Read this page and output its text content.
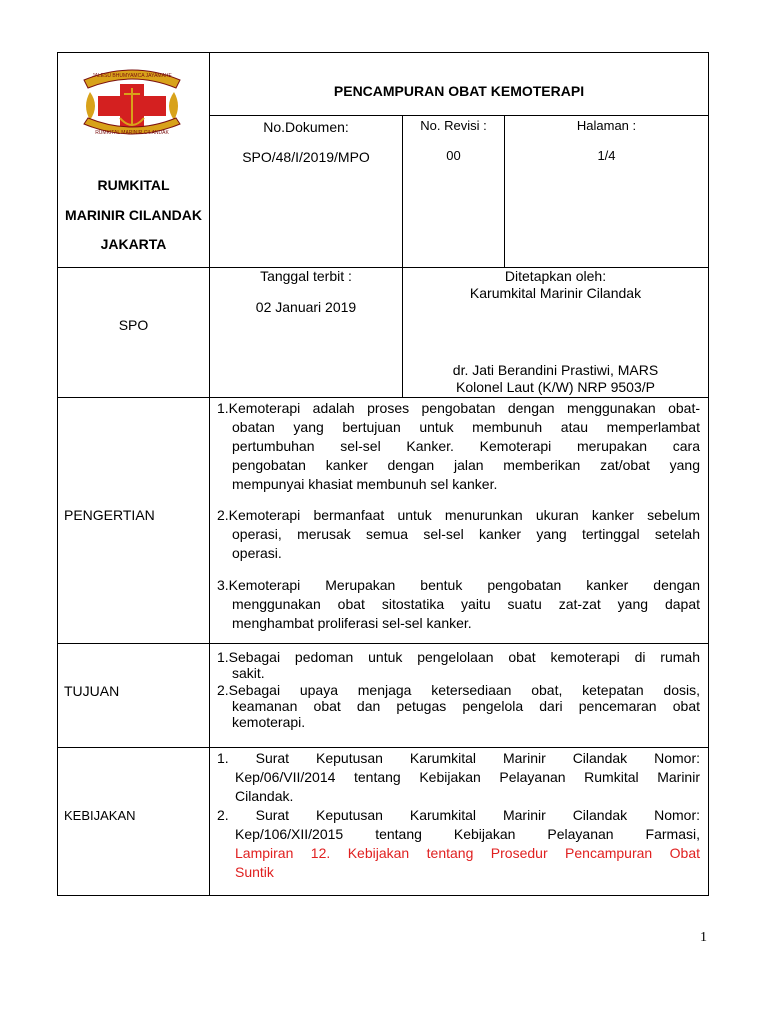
JALESU BHUMYAMCA JAYAMAHE
RUMKITAL MARINIR CILANDAK
RUMKITAL
MARINIR CILANDAK
JAKARTA
PENCAMPURAN OBAT KEMOTERAPI
No.Dokumen:
SPO/48/I/2019/MPO
No. Revisi :
00
Halaman :
1/4
SPO
Tanggal terbit :
02 Januari 2019
Ditetapkan oleh:
Karumkital Marinir Cilandak
dr. Jati Berandini Prastiwi, MARS
Kolonel Laut (K/W) NRP 9503/P
PENGERTIAN
1.Kemoterapi adalah proses pengobatan dengan menggunakan obat-
obatan yang bertujuan untuk membunuh atau memperlambat
pertumbuhan sel-sel Kanker. Kemoterapi merupakan cara
pengobatan kanker dengan jalan memberikan zat/obat yang
mempunyai khasiat membunuh sel kanker.
2.Kemoterapi bermanfaat untuk menurunkan ukuran kanker sebelum
operasi, merusak semua sel-sel kanker yang tertinggal setelah
operasi.
3.Kemoterapi Merupakan bentuk pengobatan kanker dengan
menggunakan obat sitostatika yaitu suatu zat-zat yang dapat
menghambat proliferasi sel-sel kanker.
TUJUAN
1.Sebagai pedoman untuk pengelolaan obat kemoterapi di rumah
sakit.
2.Sebagai upaya menjaga ketersediaan obat, ketepatan dosis,
keamanan obat dan petugas pengelola dari pencemaran obat
kemoterapi.
KEBIJAKAN
1. Surat Keputusan Karumkital Marinir Cilandak Nomor:
Kep/06/VII/2014 tentang Kebijakan Pelayanan Rumkital Marinir
Cilandak.
2. Surat Keputusan Karumkital Marinir Cilandak Nomor:
Kep/106/XII/2015 tentang Kebijakan Pelayanan Farmasi,
Lampiran 12. Kebijakan tentang Prosedur Pencampuran Obat
Suntik
1
